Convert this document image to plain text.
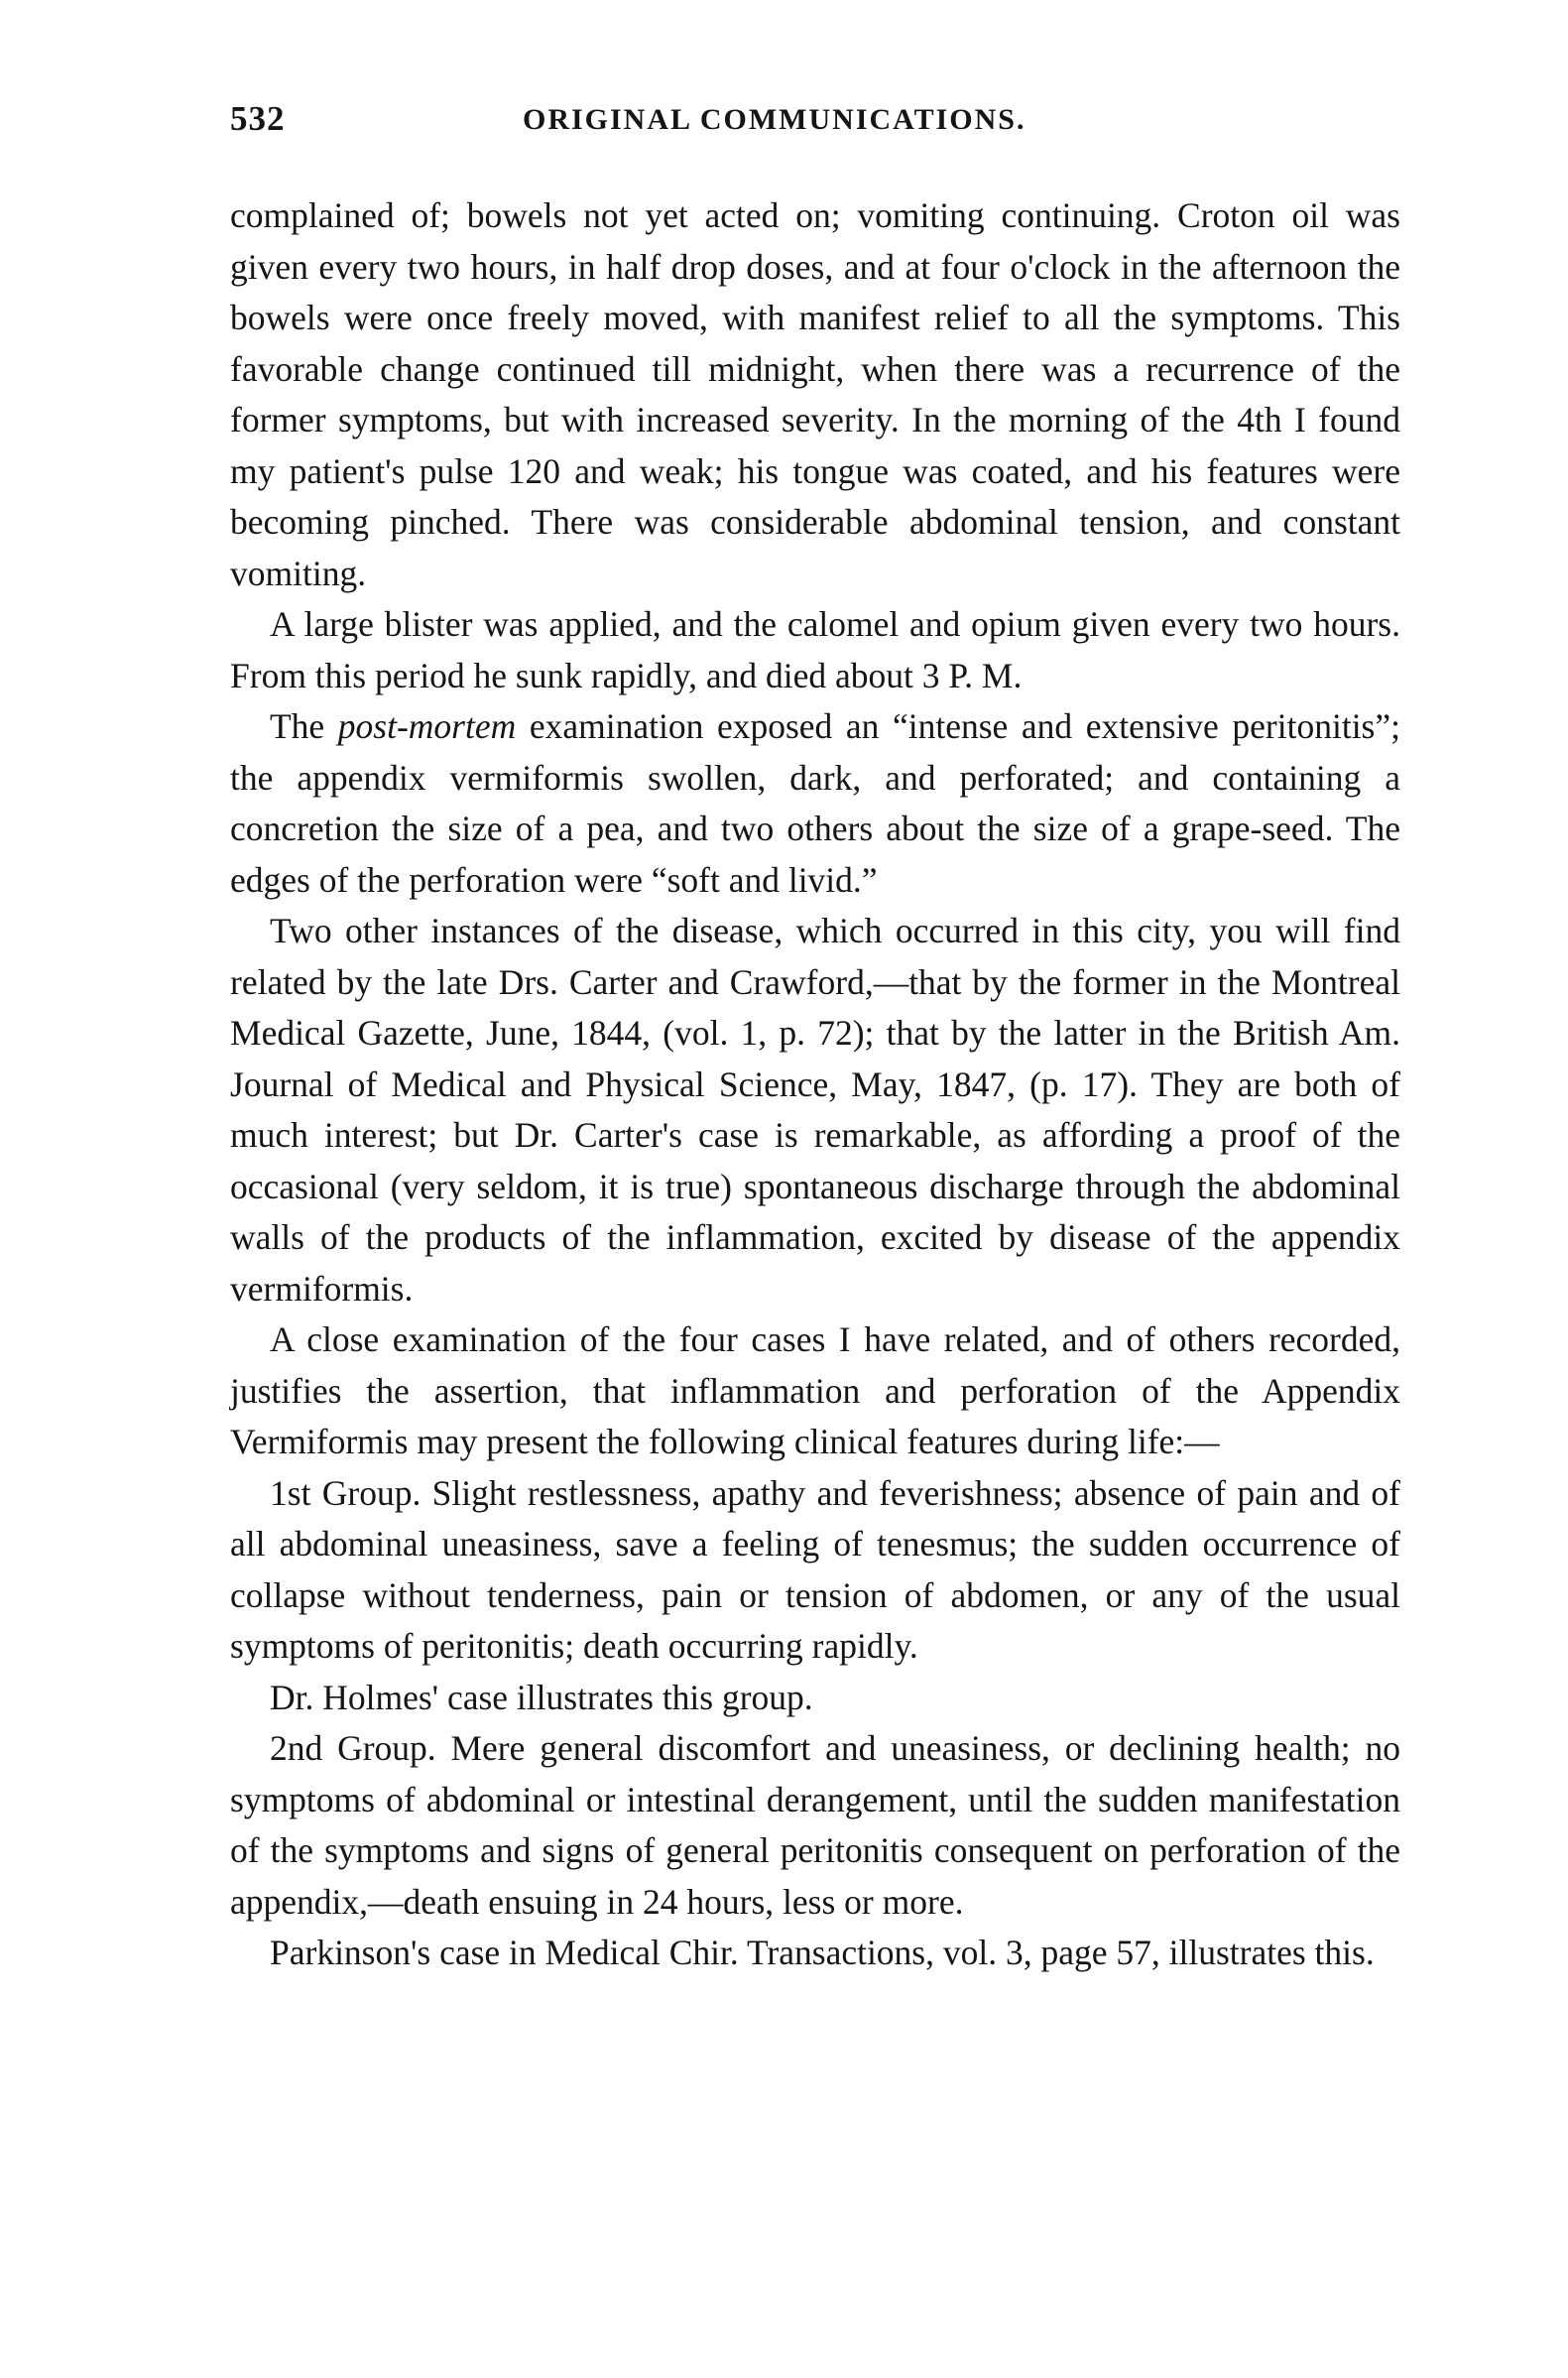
532	ORIGINAL COMMUNICATIONS.

complained of; bowels not yet acted on; vomiting continuing. Croton oil was given every two hours, in half drop doses, and at four o'clock in the afternoon the bowels were once freely moved, with manifest relief to all the symptoms. This favorable change continued till midnight, when there was a recurrence of the former symptoms, but with increased severity. In the morning of the 4th I found my patient's pulse 120 and weak; his tongue was coated, and his features were becoming pinched. There was considerable abdominal tension, and constant vomiting.

A large blister was applied, and the calomel and opium given every two hours. From this period he sunk rapidly, and died about 3 P. M.

The post-mortem examination exposed an “intense and extensive peritonitis”; the appendix vermiformis swollen, dark, and perforated; and containing a concretion the size of a pea, and two others about the size of a grape-seed. The edges of the perforation were “soft and livid.”

Two other instances of the disease, which occurred in this city, you will find related by the late Drs. Carter and Crawford,—that by the former in the Montreal Medical Gazette, June, 1844, (vol. 1, p. 72); that by the latter in the British Am. Journal of Medical and Physical Science, May, 1847, (p. 17). They are both of much interest; but Dr. Carter's case is remarkable, as affording a proof of the occasional (very seldom, it is true) spontaneous discharge through the abdominal walls of the products of the inflammation, excited by disease of the appendix vermiformis.

A close examination of the four cases I have related, and of others recorded, justifies the assertion, that inflammation and perforation of the Appendix Vermiformis may present the following clinical features during life:—

1st Group. Slight restlessness, apathy and feverishness; absence of pain and of all abdominal uneasiness, save a feeling of tenesmus; the sudden occurrence of collapse without tenderness, pain or tension of abdomen, or any of the usual symptoms of peritonitis; death occurring rapidly.

Dr. Holmes' case illustrates this group.

2nd Group. Mere general discomfort and uneasiness, or declining health; no symptoms of abdominal or intestinal derangement, until the sudden manifestation of the symptoms and signs of general peritonitis consequent on perforation of the appendix,—death ensuing in 24 hours, less or more.

Parkinson's case in Medical Chir. Transactions, vol. 3, page 57, illustrates this.
